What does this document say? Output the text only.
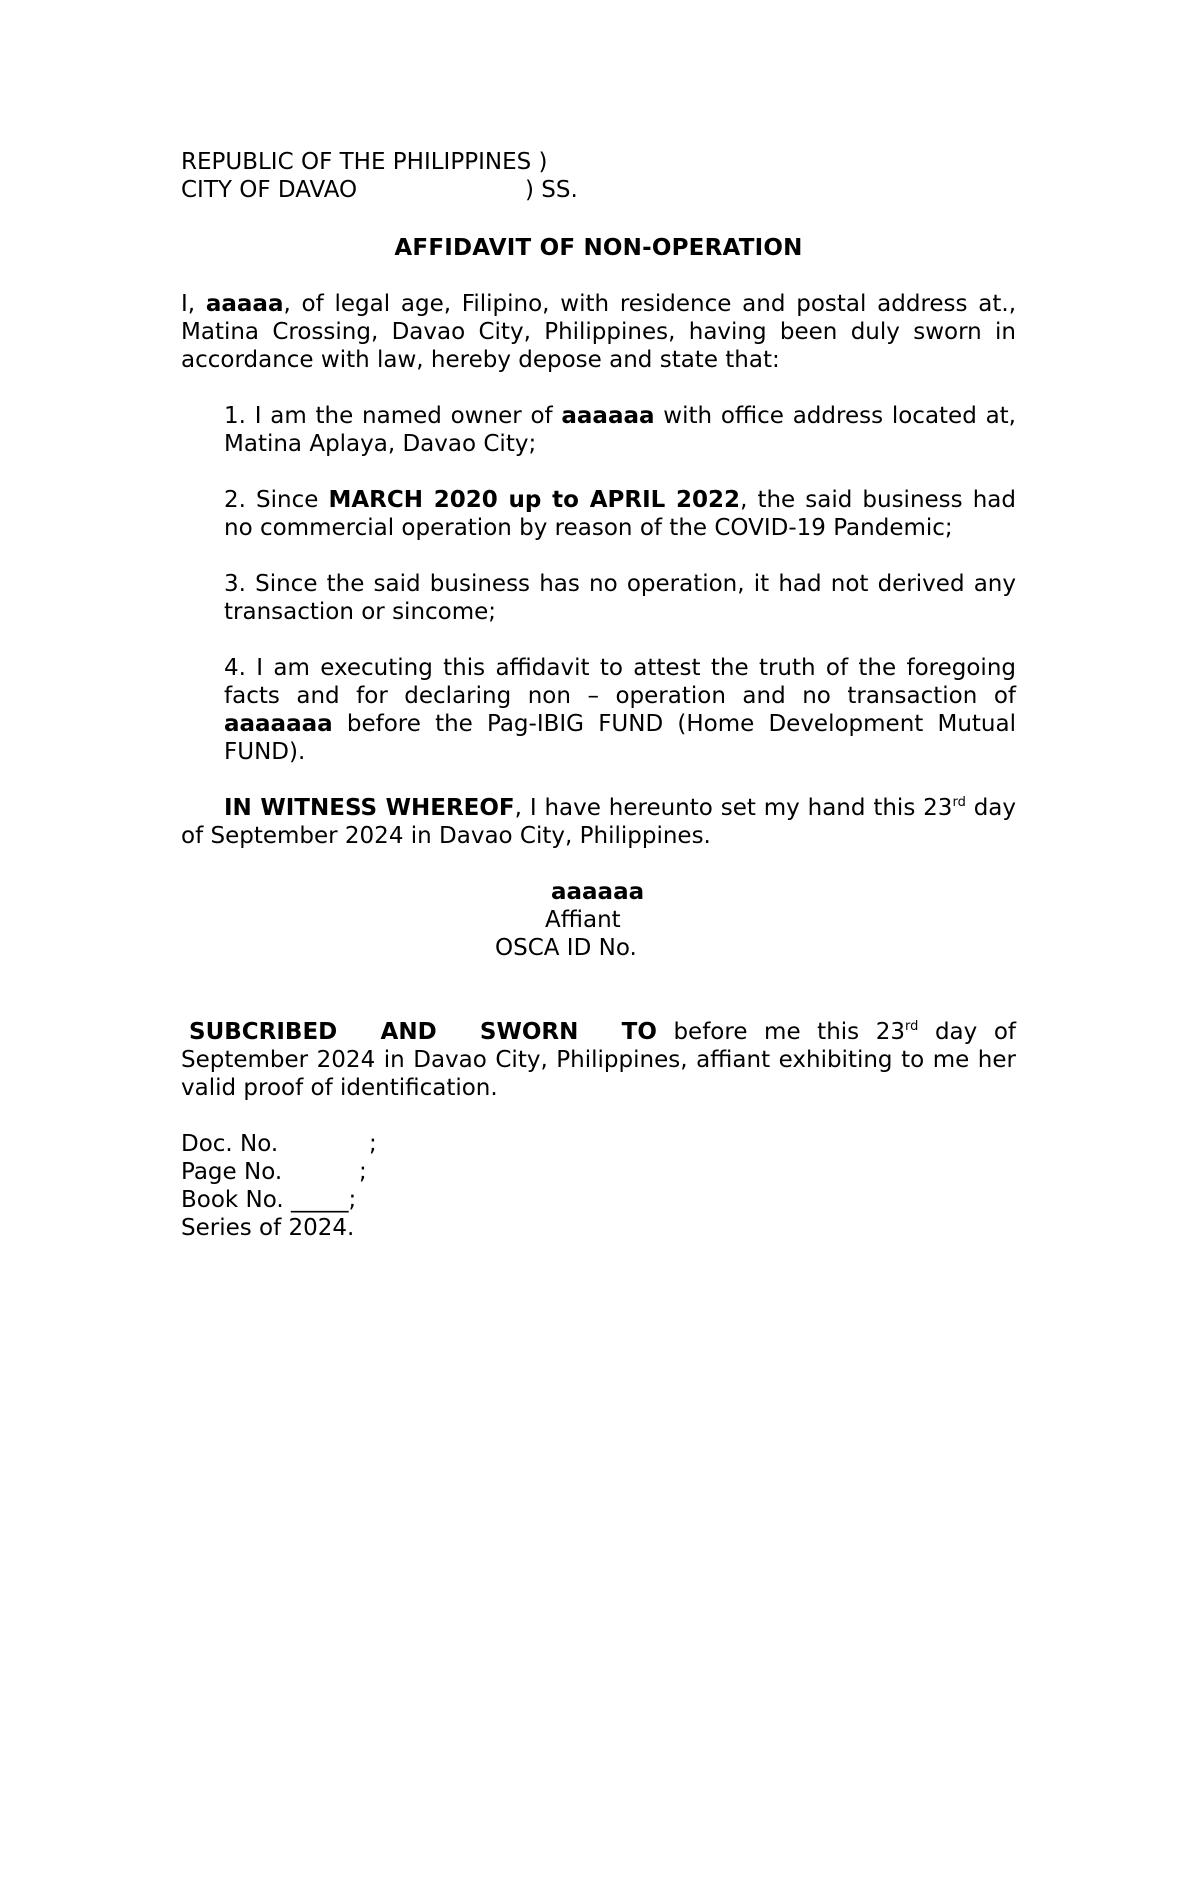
REPUBLIC OF THE PHILIPPINES )
CITY OF DAVAO	) SS.
AFFIDAVIT OF NON-OPERATION

I, aaaaa, of legal age, Filipino, with residence and postal address at., Matina Crossing, Davao City, Philippines, having been duly sworn in accordance with law, hereby depose and state that:

1. I am the named owner of aaaaaa with office address located at, Matina Aplaya, Davao City;

2. Since MARCH 2020 up to APRIL 2022, the said business had no commercial operation by reason of the COVID-19 Pandemic;

3. Since the said business has no operation, it had not derived any transaction or sincome;

4. I am executing this affidavit to attest the truth of the foregoing facts and for declaring non – operation and no transaction of aaaaaaa before the Pag-IBIG FUND (Home Development Mutual FUND).

IN WITNESS WHEREOF, I have hereunto set my hand this 23rd day of September 2024 in Davao City, Philippines.

aaaaaa
Affiant
OSCA ID No.

SUBCRIBED AND SWORN TO before me this 23rd day of September 2024 in Davao City, Philippines, affiant exhibiting to me her valid proof of identification.

Doc. No.	;
Page No.	;
Book No. _____;
Series of 2024.
